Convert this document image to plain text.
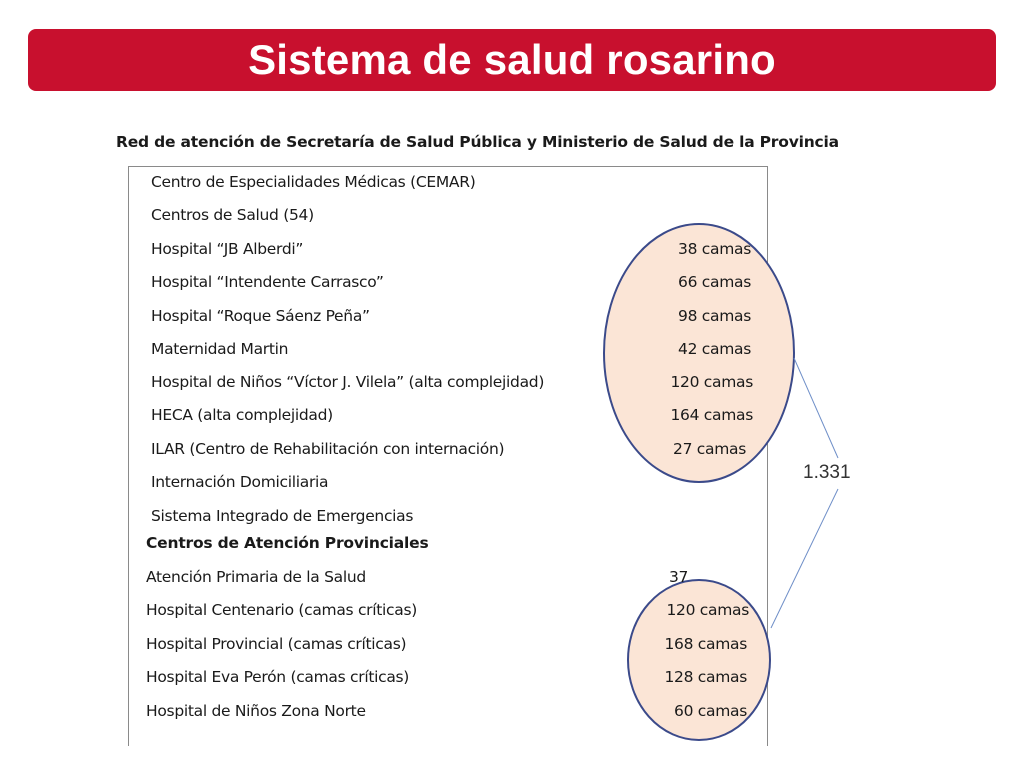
Sistema de salud rosarino
Red de atención de Secretaría de Salud Pública y Ministerio de Salud de la Provincia
Centro de Especialidades Médicas (CEMAR)
Centros de Salud (54)
Hospital “JB Alberdi”
Hospital “Intendente Carrasco”
Hospital “Roque Sáenz Peña”
Maternidad Martin
Hospital de Niños “Víctor J. Vilela” (alta complejidad)
HECA (alta complejidad)
ILAR (Centro de Rehabilitación con internación)
Internación Domiciliaria
Sistema Integrado de Emergencias
38 camas
66 camas
98 camas
42 camas
120 camas
164 camas
27 camas
1.331
Centros de Atención Provinciales
Atención Primaria de la Salud
Hospital Centenario (camas críticas)
Hospital Provincial (camas críticas)
Hospital Eva Perón (camas críticas)
Hospital de Niños Zona Norte
37
120 camas
168 camas
128 camas
60 camas
